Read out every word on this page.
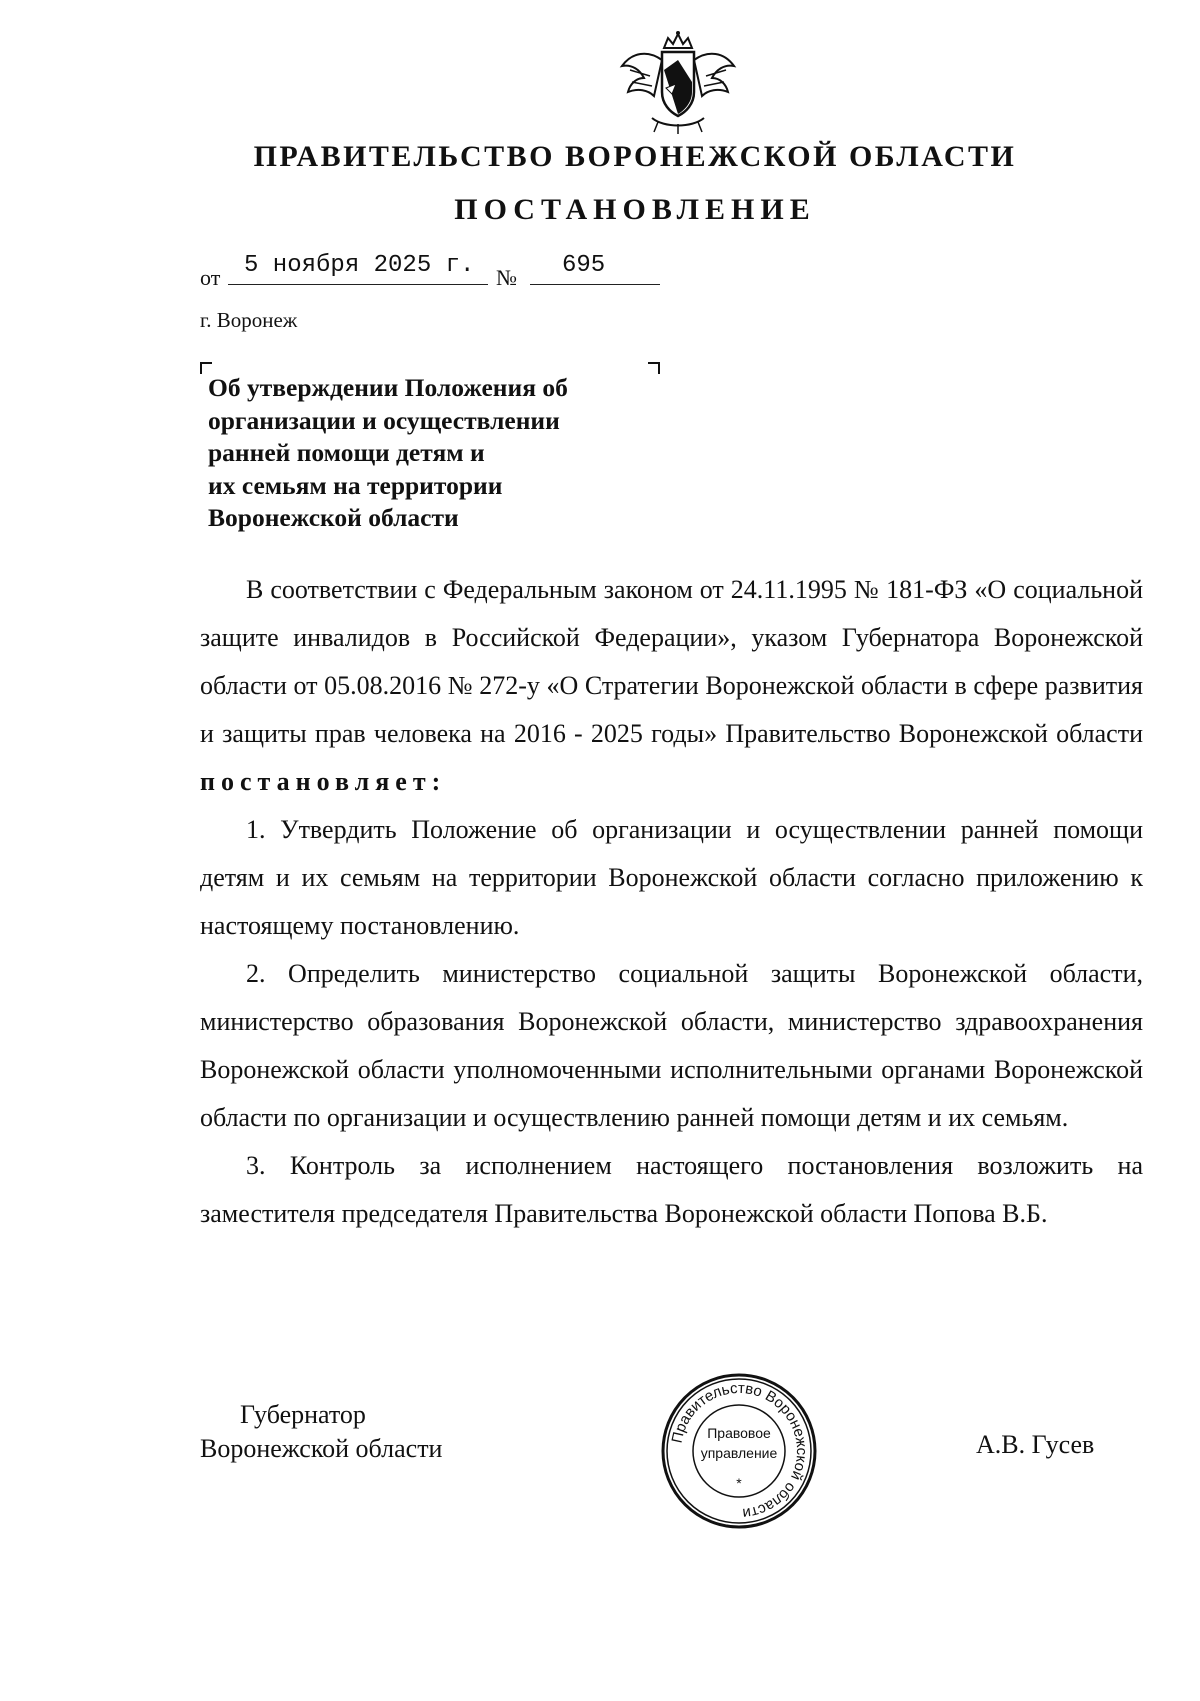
ПРАВИТЕЛЬСТВО ВОРОНЕЖСКОЙ ОБЛАСТИ
ПОСТАНОВЛЕНИЕ
от 5 ноября 2025 г. № 695
г. Воронеж
Об утверждении Положения об
организации и осуществлении
ранней помощи детям и
их семьям на территории
Воронежской области

В соответствии с Федеральным законом от 24.11.1995 № 181-ФЗ «О социальной защите инвалидов в Российской Федерации», указом Губернатора Воронежской области от 05.08.2016 № 272-у «О Стратегии Воронежской области в сфере развития и защиты прав человека на 2016 - 2025 годы» Правительство Воронежской области постановляет:

1. Утвердить Положение об организации и осуществлении ранней помощи детям и их семьям на территории Воронежской области согласно приложению к настоящему постановлению.

2. Определить министерство социальной защиты Воронежской области, министерство образования Воронежской области, министерство здравоохранения Воронежской области уполномоченными исполнительными органами Воронежской области по организации и осуществлению ранней помощи детям и их семьям.

3. Контроль за исполнением настоящего постановления возложить на заместителя председателя Правительства Воронежской области Попова В.Б.

Губернатор
Воронежской области	Правительство Воронежской области
Правовое
управление
*
А.В. Гусев
